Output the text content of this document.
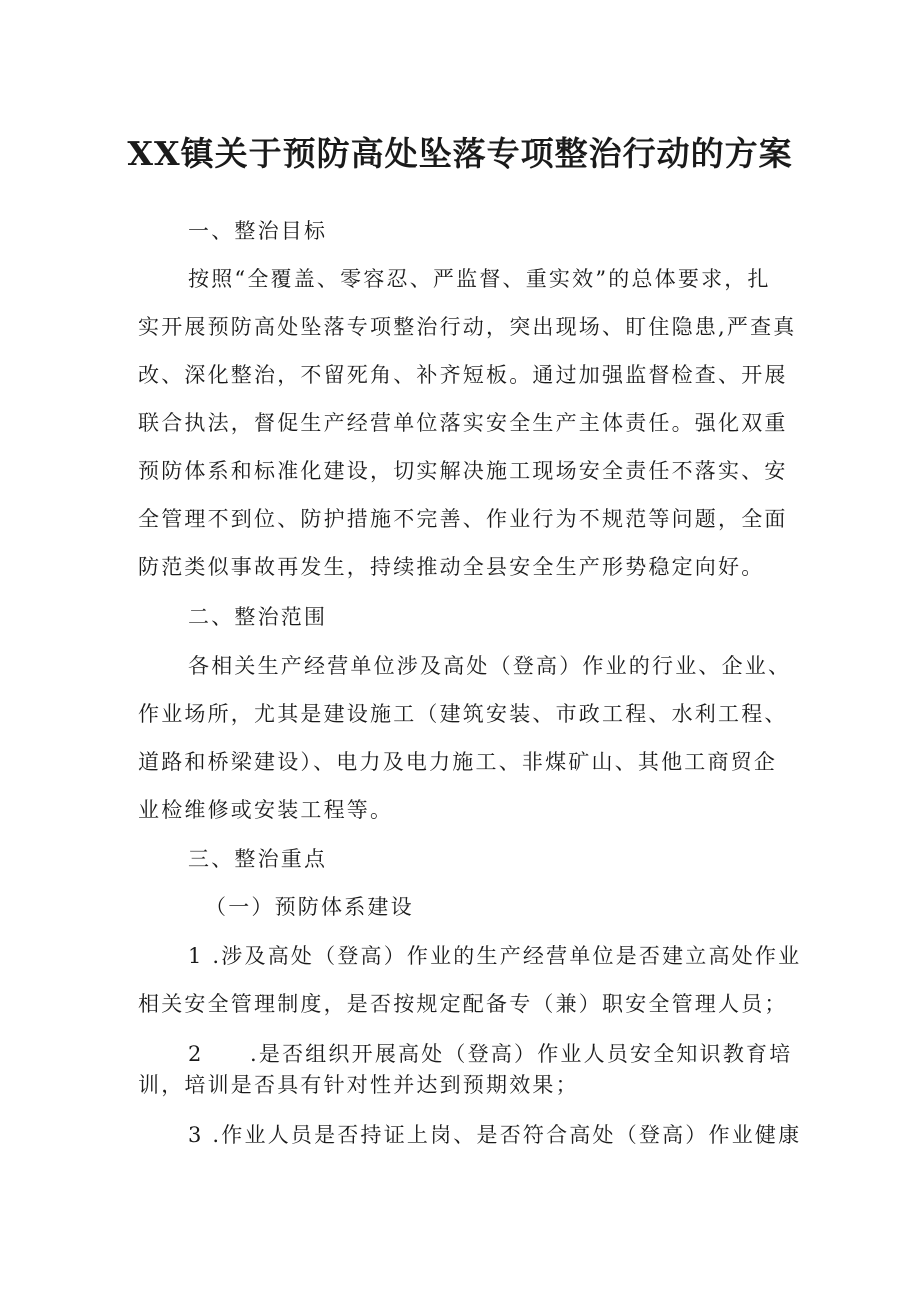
XX镇关于预防高处坠落专项整治行动的方案
一、整治目标
按照“全覆盖、零容忍、严监督、重实效”的总体要求，扎
实开展预防高处坠落专项整治行动，突出现场、盯住隐患,严查真
改、深化整治，不留死角、补齐短板。通过加强监督检查、开展
联合执法，督促生产经营单位落实安全生产主体责任。强化双重
预防体系和标准化建设，切实解决施工现场安全责任不落实、安
全管理不到位、防护措施不完善、作业行为不规范等问题，全面
防范类似事故再发生，持续推动全县安全生产形势稳定向好。
二、整治范围
各相关生产经营单位涉及高处（登高）作业的行业、企业、
作业场所，尤其是建设施工（建筑安装、市政工程、水利工程、
道路和桥梁建设）、电力及电力施工、非煤矿山、其他工商贸企
业检维修或安装工程等。
三、整治重点
（一）预防体系建设
1 .涉及高处（登高）作业的生产经营单位是否建立高处作业
相关安全管理制度，是否按规定配备专（兼）职安全管理人员；
2　　.是否组织开展高处（登高）作业人员安全知识教育培
训，培训是否具有针对性并达到预期效果；
3 .作业人员是否持证上岗、是否符合高处（登高）作业健康
